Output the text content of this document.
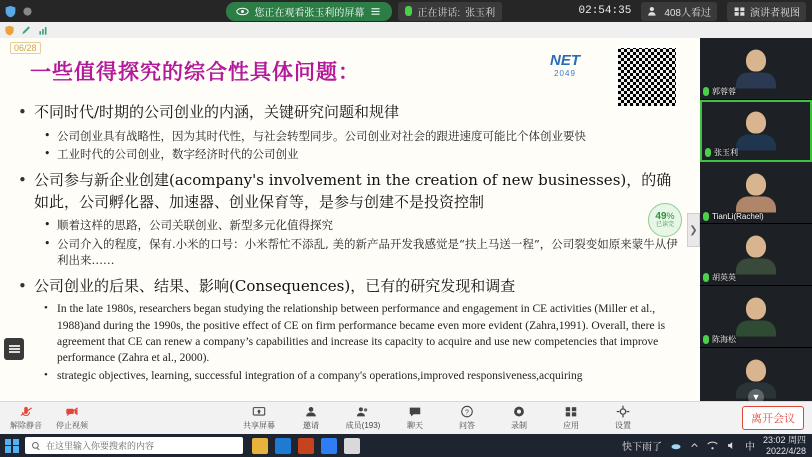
您正在观看张玉利的屏幕	正在讲话: 张玉利	02:54:35	408人看过	演讲者视图
06/28
一些值得探究的综合性具体问题：	NET
2049
• 不同时代/时期的公司创业的内涵，关键研究问题和规律
• 公司创业具有战略性，因为其时代性，与社会转型同步。公司创业对社会的跟进速度可能比个体创业要快
• 工业时代的公司创业，数字经济时代的公司创业
• 公司参与新企业创建(acompany's involvement in the creation of new businesses)，的确如此，公司孵化器、加速器、创业保育等，是参与创建不是投资控制
• 顺着这样的思路，公司关联创业、新型多元化值得探究
• 公司介入的程度，保有.小米的口号：小米帮忙不添乱, 美的新产品开发我感觉是“扶上马送一程”，公司裂变如原来蒙牛从伊利出来……
• 公司创业的后果、结果、影响(Consequences)，已有的研究发现和调查
• In the late 1980s, researchers began studying the relationship between performance and engagement in CE activities (Miller et al., 1988)and during the 1990s, the positive effect of CE on firm performance became even more evident (Zahra,1991). Overall, there is agreement that CE can renew a company’s capabilities and increase its capacity to acquire and use new competencies that improve performance (Zahra et al., 2000).
• strategic objectives, learning, successful integration of a company's operations,improved responsiveness,acquiring
49%
已读完 ❯
郭蓉蓉
张玉利
TianLi(Rachel)
胡英英
陈海松
▼
解除静音 停止视频	共享屏幕	邀请	成员(193)	聊天
?
问答	录制	应用	设置
离开会议
在这里输入你要搜索的内容	快下雨了	中
23:02 周四
2022/4/28
